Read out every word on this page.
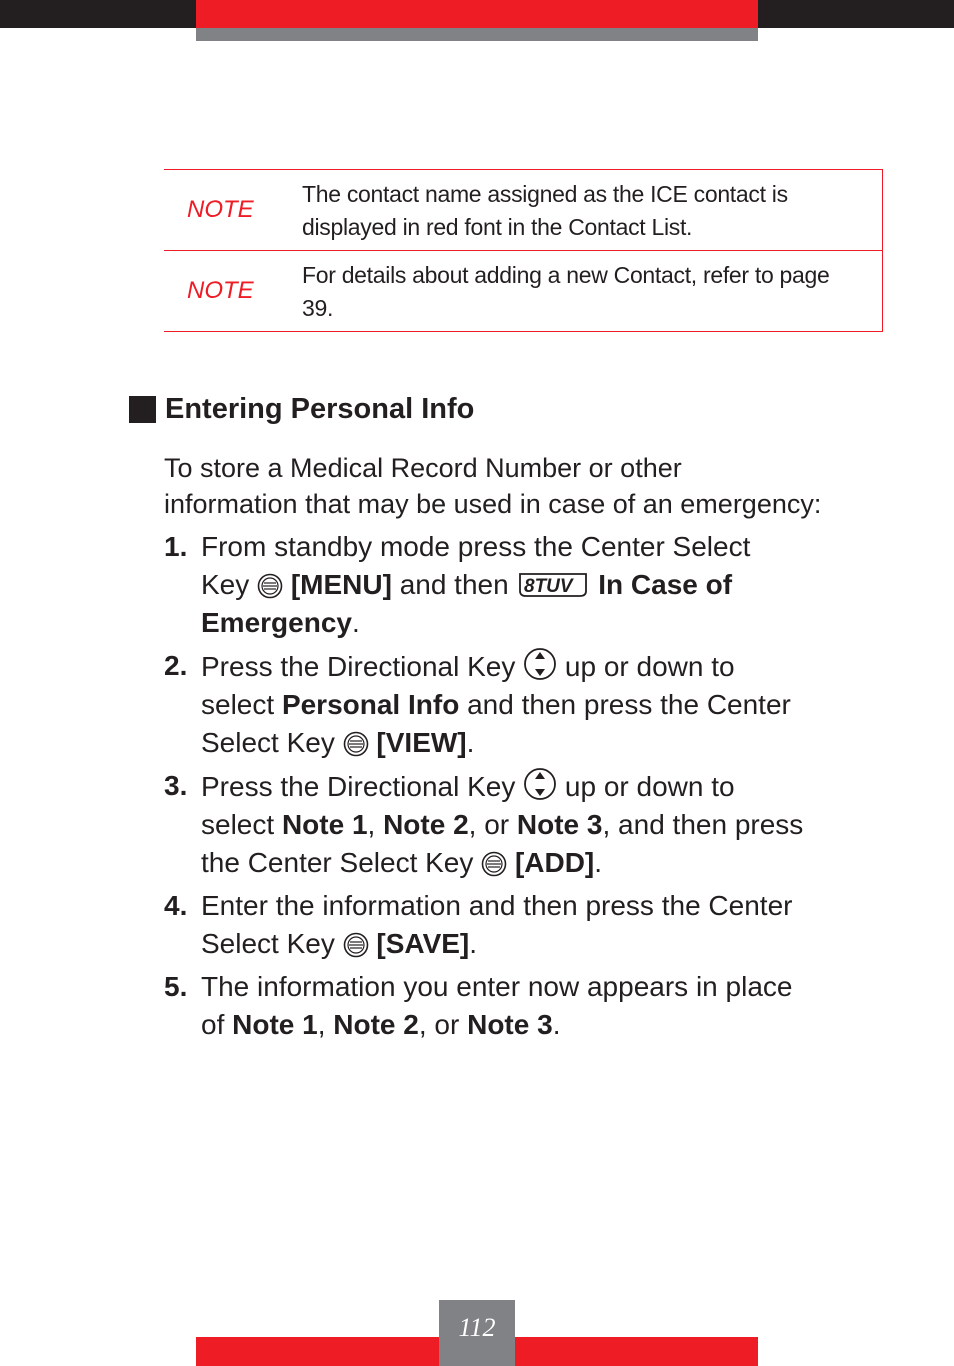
NOTE
The contact name assigned as the ICE contact is
displayed in red font in the Contact List.
NOTE
For details about adding a new Contact, refer to page
39.
Entering Personal Info
To store a Medical Record Number or other
information that may be used in case of an emergency:
1. From standby mode press the Center Select
Key [MENU] and then 8TUV In Case of
Emergency.
2. Press the Directional Key up or down to
select Personal Info and then press the Center
Select Key [VIEW].
3. Press the Directional Key up or down to
select Note 1, Note 2, or Note 3, and then press
the Center Select Key [ADD].
4. Enter the information and then press the Center
Select Key [SAVE].
5. The information you enter now appears in place
of Note 1, Note 2, or Note 3.
112
